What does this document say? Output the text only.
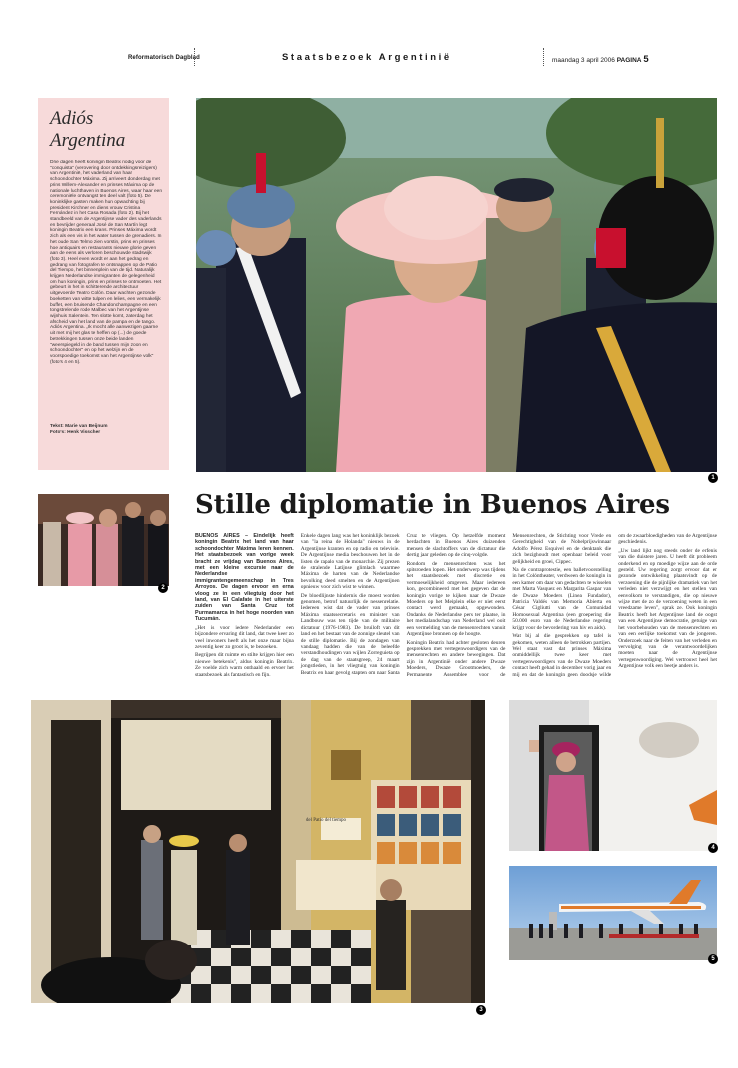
Reformatorisch Dagblad	Staatsbezoek Argentinië	maandag 3 april 2006 PAGINA 5
Adiós
Argentina
Drie dagen heeft koningin Beatrix nodig voor de "conquista" (verovering door ontdekkingsreizigers) van Argentinië, het vaderland van haar schoondochter Máxima. Zij arriveert donderdag met prins Willem-Alexander en prinses Máxima op de nationale luchthaven in Buenos Aires, waar haar een ceremoniële ontvangst ten deel valt (foto 5). De koninklijke gasten maken hun opwachting bij president Kirchner en diens vrouw Cristina Fernández in het Casa Rosada (foto 2). Bij het standbeeld van de Argentijnse vader des vaderlands en bevrijder generaal José de San Martín legt koningin Beatrix een krans. Prinses Máxima wordt zich als een vis in het water tussen de grenadiers. In het oude San Telmo zien vorstin, prins en prinses hoe antiquairs en restaurants nieuwe glorie geven aan de eens als verloren beschouwde stadswijk (foto 3). Heel even wordt er aan het gedrag en gedrang van fotografen te ontsnappen op de Patio del Tiempo, het binnenplein van de tijd. Naturalijk krijgen Nederlandse immigranten de gelegenheid om hun koningin, prins en prinses te ontmoeten. Het gebeurt in het in schitterende architectuur uitgevoerde Teatro Colón. Daar wachten gezonde boeketten van witte tulpen en lelies, een vermakelijk buffet, een bruisende Chandonchampagne en een tongstrelende rode Malbec van het Argentijnse wijnhuis Salentein. Ten slotte komt, zaterdag het afscheid van het land van de pampa en de tango. Adiós Argentina. „Ik mocht alle aanwezigen gaarne uit met mij het glas te heffen op (...) de goede betrekkingen tussen onze beide landen "weerspiegeld in de band tussen mijn zoon en schoondochter" en op het welzijn en de voorspoedige toekomst van het Argentijnse volk" (foto's 4 en 5).
Tekst: Marie van Beijnum
Foto's: Henk Visscher
1
2
Stille diplomatie in Buenos Aires

BUENOS AIRES – Eindelijk heeft koningin Beatrix het land van haar schoondochter Máxima leren kennen. Het staatsbezoek van vorige week bracht ze vrijdag van Buenos Aires, met een kleine excursie naar de Nederlandse immigrantengemeenschap in Tres Arroyos. De dagen ervoor en erna vloog ze in een vliegtuig door het land, van El Calafate in het uiterste zuiden van Santa Cruz tot Purmamarca in het hoge noorden van Tucumán.

„Het is voor iedere Nederlander een bijzondere ervaring dit land, dat twee keer zo veel inwoners heeft als het onze maar bijna zeventig keer zo groot is, te bezoeken.

Begrijpen dit ruimte en stilte krijgen hier een nieuwe betekenis", aldus koningin Beatrix. Ze voelde zich warm onthaald en ervoer het staatsbezoek als fantastisch en fijn.

Enkele dagen lang was het koninklijk bezoek van "la reina de Holanda" nieuws in de Argentijnse kranten en op radio en televisie. De Argentijnse media beschouwen het in de listen de rapalo van de monarchie. Zij prezen de stralende Latijnse glimlach waarmee Máxima de harten van de Nederlandse bevolking deed smelten en de Argentijnen opnieuw voor zich wist te winnen.

De bloedlijnste hindernis die moest worden genomen, betrof natuurlijk de nessenrelatie. Iedereen wist dat de vader van prinses Máxima staatssecretaris en minister van Landbouw was ten tijde van de militaire dictatuur (1976-1983). De bruiloft van dit land en het bestaat van de zonnige sleutel van de stille diplomatie. Bij de zondagen van vandaag hadden die van de beleefde verstandhoudingen van wijlen Zorreguieta op de dag van de staatsgreep, 24 maart jongstleden, in het vliegtuig van koningin Beatrix en haar gevolg stapten om naar Santa Cruz te vliegen. Op hetzelfde moment herdachten in Buenos Aires duizenden mensen de slachtoffers van de dictatuur die dertig jaar geleden op de cinq-volgde.

Rondom de mensenrechten was het spitsroeden lopen. Het onderwerp was tijdens het staatsbezoek met discretie en vermoeselijkheid omgeven. Maar iedereen kon, gecombineerd met het gegeven dat de koningin vorige te kijken naar de Dwaze Moeders op het Meiplein elke er niet eerst contact werd gemaakt, opgewonden. Ondanks de Nederlandse pers ter plaatse, in het medialandschap van Nederland wel ooit een vermelding van de mensenrechten vanuit Argentijnse bronnen op de hoogte.

Koningin Beatrix had achter gesloten deuren gesprekken met vertegenwoordigers van de mensenrechten en andere bewegingen. Dat zijn in Argentinië onder andere Dwaze Moeders, Dwaze Grootmoeders, de Permanente Assemblee voor de Mensenrechten, de Stichting voor Vrede en Gerechtigheid van de Nobelprijswinnaar Adolfo Pérez Esquivel en de denktank die zich bezighoudt met openbaar beleid voor gelijkheid en groei, Cippec.

Na de contraprotestie, een balletvoorstelling in het Colóntheater, verdween de koningin in een kamer om daar van gedachten te wisselen met Marta Vasquez en Margarita Gaspar van de Dwaze Moeders (Linea Fundador), Patricia Valdés van Memoria Abierta en César Cigliutti van de Comunidad Homosexual Argentina (een groepering die 50.000 euro van de Nederlandse regering krijgt voor de bevordering van hiv en aids).

Wat bij al die gesprekken op tafel is gekomen, weten alleen de betrokken partijen. Wel staat vast dat prinses Máxima onmiddellijk twee keer met vertegenwoordigers van de Dwaze Moeders contact heeft gehad in december vorig jaar en mij en dat de koningin geen doodsje wilde om de zwaarbloedigheden van de Argentijnse geschiedenis.

„Uw land lijkt nog steeds onder de erfenis van die duistere jaren. U heeft dit probleem onderkend en op moedige wijze aan de orde gesteld. Uw regering zorgt ervoor dat er gezonde ontwikkeling plaatsvindt op de verzoening die de pijnlijke dramatiek van het verleden niet verzwijgt en het stellen van eenvolkom te verstandigen, die op nieuwe wijze met de zo de verzoening weten in een vreedzame leven", sprak ze. Ook koningin Beatrix heeft het Argentijnse land de oogst van een Argentijnse democratie, getuige van het voorbehouden van de mensenrechten en van een eerlijke toekomst van de jongeren. Onderzoek naar de feiten van het verleden en vervolging van de verantwoordelijken moeten naar de Argentijnse vertegenwoordiging. Wel vertrouwt heel het Argentijnse volk een beetje anders is.

del Patio del tiempo
3
4
5
